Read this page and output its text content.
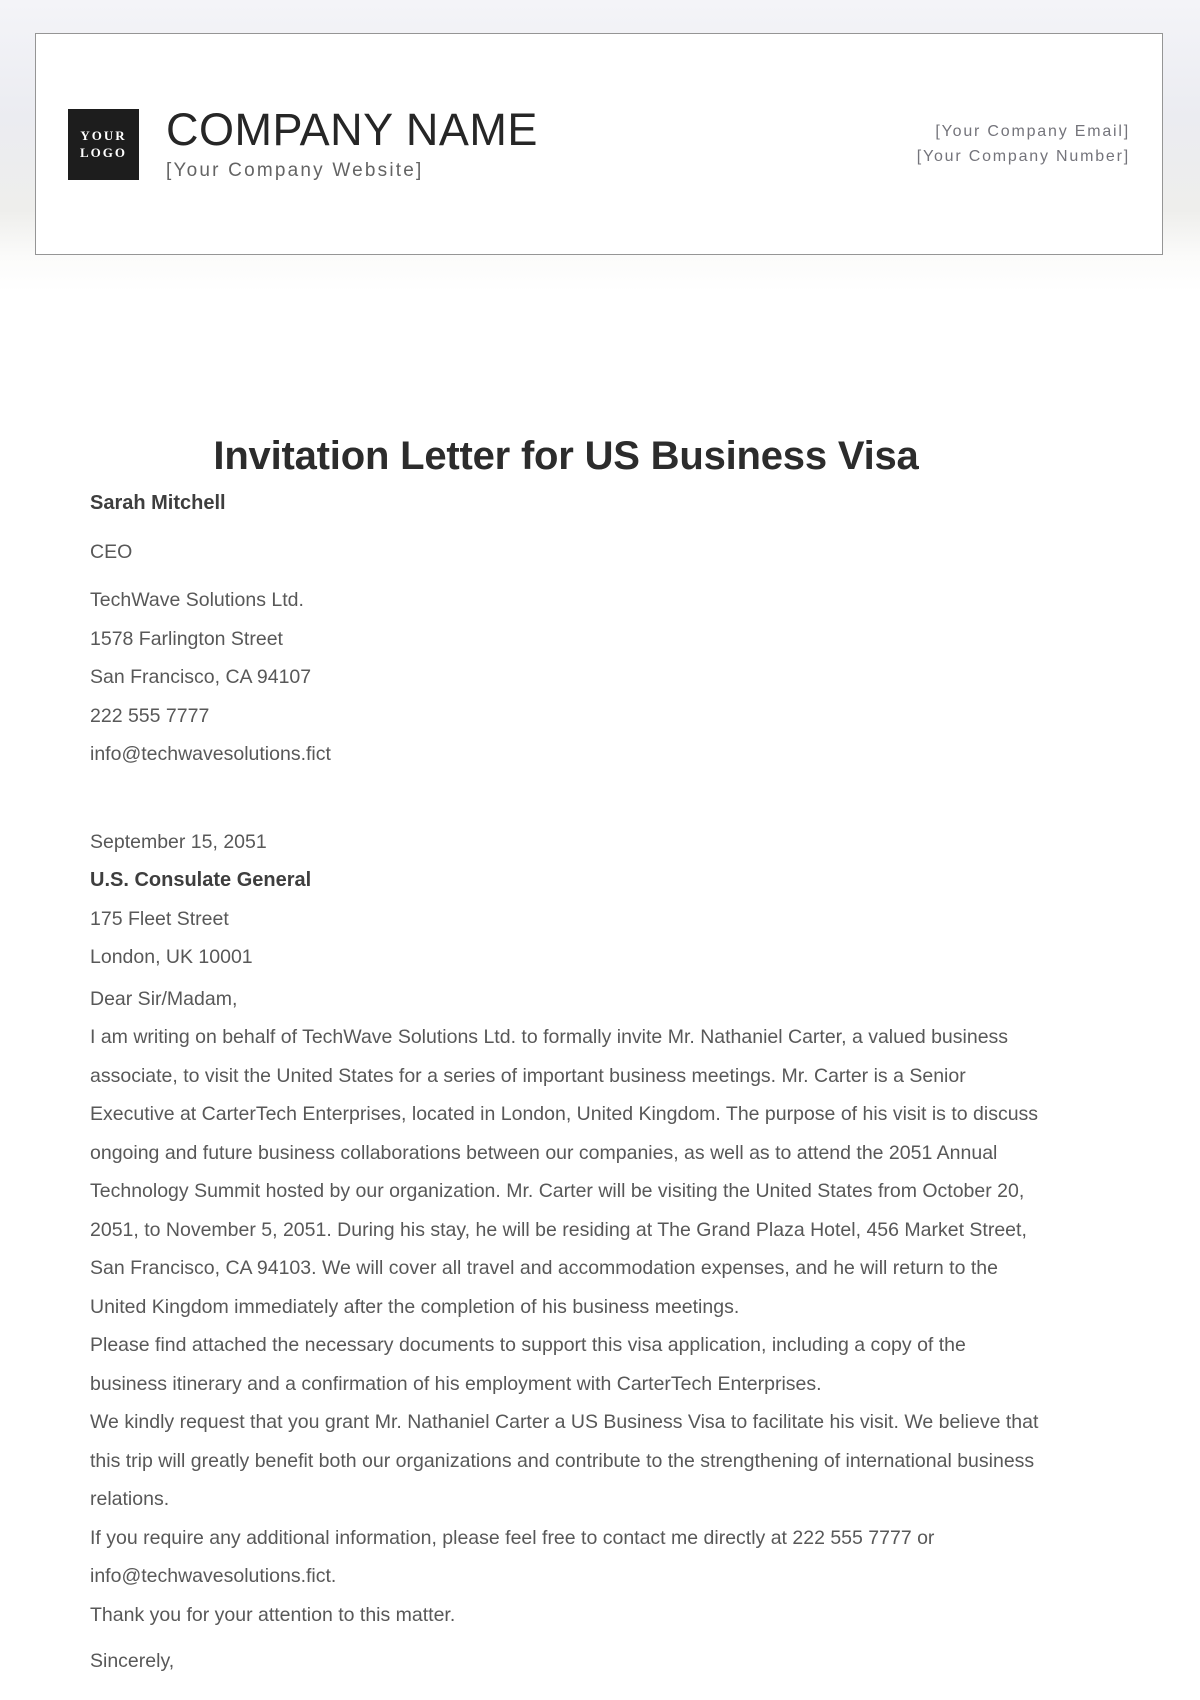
YOUR
LOGO COMPANY NAME
[Your Company Website]
[Your Company Email]
[Your Company Number]
Invitation Letter for US Business Visa

Sarah Mitchell

CEO

TechWave Solutions Ltd.

1578 Farlington Street

San Francisco, CA 94107

222 555 7777

info@techwavesolutions.fict

September 15, 2051

U.S. Consulate General

175 Fleet Street

London, UK 10001

Dear Sir/Madam,

I am writing on behalf of TechWave Solutions Ltd. to formally invite Mr. Nathaniel Carter, a valued business associate, to visit the United States for a series of important business meetings. Mr. Carter is a Senior Executive at CarterTech Enterprises, located in London, United Kingdom. The purpose of his visit is to discuss ongoing and future business collaborations between our companies, as well as to attend the 2051 Annual Technology Summit hosted by our organization. Mr. Carter will be visiting the United States from October 20, 2051, to November 5, 2051. During his stay, he will be residing at The Grand Plaza Hotel, 456 Market Street, San Francisco, CA 94103. We will cover all travel and accommodation expenses, and he will return to the United Kingdom immediately after the completion of his business meetings.

Please find attached the necessary documents to support this visa application, including a copy of the business itinerary and a confirmation of his employment with CarterTech Enterprises.

We kindly request that you grant Mr. Nathaniel Carter a US Business Visa to facilitate his visit. We believe that this trip will greatly benefit both our organizations and contribute to the strengthening of international business relations.

If you require any additional information, please feel free to contact me directly at 222 555 7777 or info@techwavesolutions.fict.

Thank you for your attention to this matter.

Sincerely,
